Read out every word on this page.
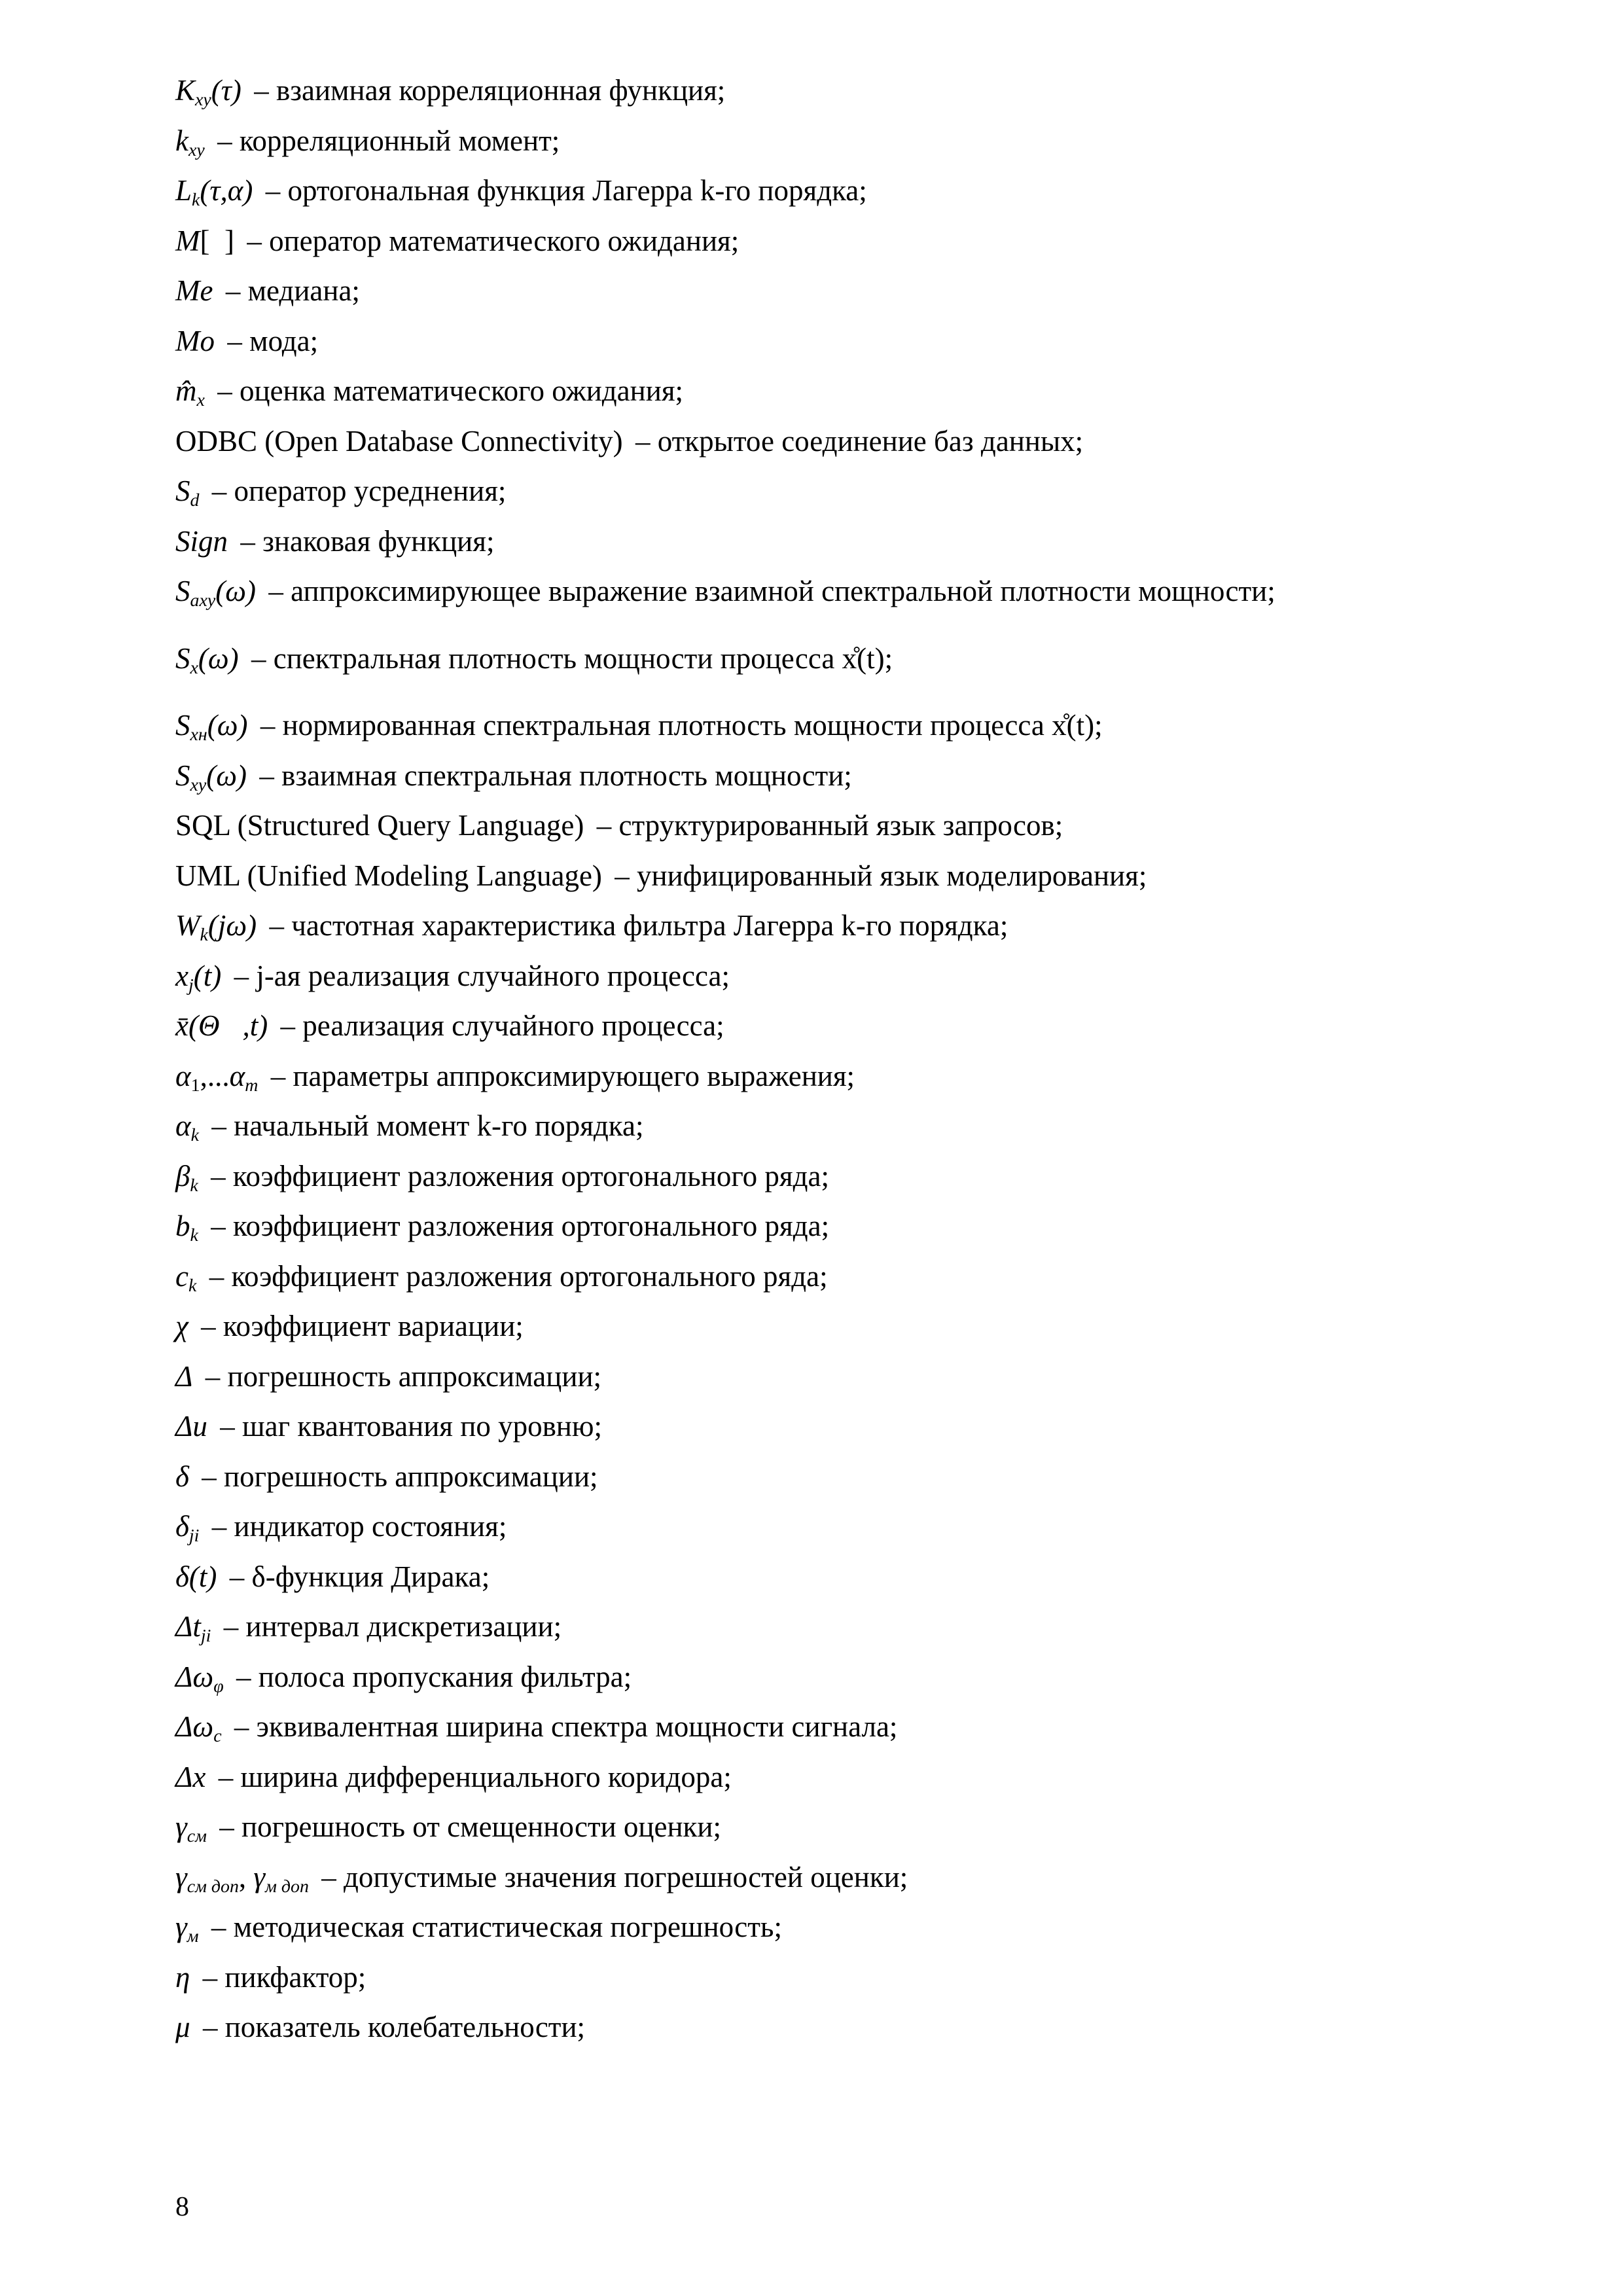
$K_{xy}(\tau)$ – взаимная корреляционная функция;
$k_{xy}$ – корреляционный момент;
$L_k(\tau,\alpha)$ – ортогональная функция Лагерра k-го порядка;
M[ ] – оператор математического ожидания;
Me – медиана;
Mo – мода;
$m̂_x$ – оценка математического ожидания;
ODBC (Open Database Connectivity) – открытое соединение баз данных;
$S_d$ – оператор усреднения;
Sign – знаковая функция;
$S_{axy}(\omega)$ – аппроксимирующее выражение взаимной спектральной плотности мощности;
$S_x(\omega)$ – спектральная плотность мощности процесса x̊(t);
$S_{хн}(\omega)$ – нормированная спектральная плотность мощности процесса x̊(t);
$S_{xy}(\omega)$ – взаимная спектральная плотность мощности;
SQL (Structured Query Language) – структурированный язык запросов;
UML (Unified Modeling Language) – унифицированный язык моделирования;
$W_k(j\omega)$ – частотная характеристика фильтра Лагерра k-го порядка;
$x_j(t) - j-ая$ реализация случайного процесса;
x̄(Θ⃗,t) – реализация случайного процесса;
$\alpha_1,...\alpha_m$ – параметры аппроксимирующего выражения;
$\alpha_k$ – начальный момент k-го порядка;
$\beta_k$ – коэффициент разложения ортогонального ряда;
$b_k$ – коэффициент разложения ортогонального ряда;
$c_k$ – коэффициент разложения ортогонального ряда;
χ – коэффициент вариации;
Δ – погрешность аппроксимации;
Δu – шаг квантования по уровню;
δ – погрешность аппроксимации;
$\delta_{ji}$ – индикатор состояния;
δ(t) – δ-функция Дирака;
$\Delta t_{ji}$ – интервал дискретизации;
$\Delta\omega_\varphi$ – полоса пропускания фильтра;
$\Delta\omega_c$ – эквивалентная ширина спектра мощности сигнала;
Δx – ширина дифференциального коридора;
$\gamma_{см}$ – погрешность от смещенности оценки;
$\gamma_{см доп}$, $\gamma_{м доп}$ – допустимые значения погрешностей оценки;
$\gamma_м$ – методическая статистическая погрешность;
η – пикфактор;
μ – показатель колебательности;
8
